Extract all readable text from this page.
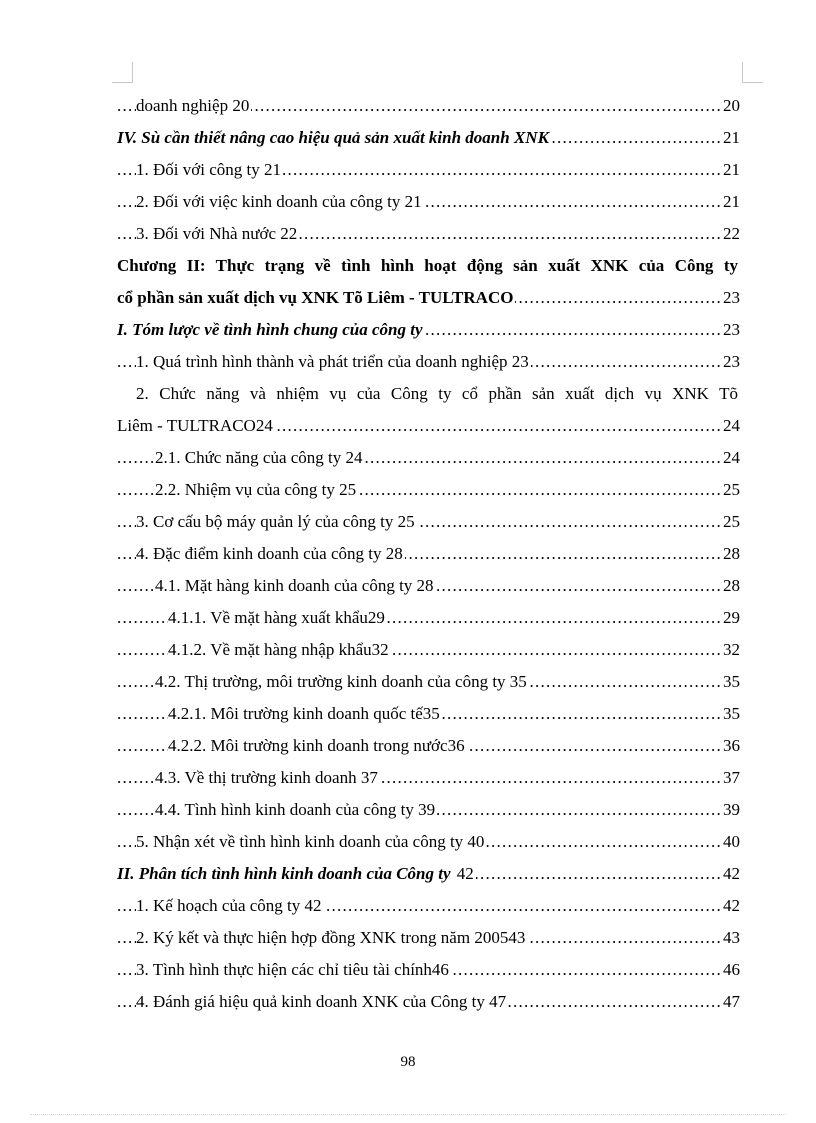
doanh nghiệp 20	20
. . .
IV. Sù cần thiết nâng cao hiệu quả sản xuất kinh doanh XNK	21
. . .
1. Đối với công ty 21	21
. . .
2. Đối với việc kinh doanh của công ty 21	21
. . .
3. Đối với Nhà nước 22	22
. . .
Chương II: Thực trạng về tình hình hoạt động sản xuất XNK của Công ty
cổ phần sản xuất dịch vụ XNK Tõ Liêm - TULTRACO	23
. . .
I. Tóm lược về tình hình chung của công ty	23
. . .
1. Quá trình hình thành và phát triển của doanh nghiệp 23	23
. . .
2. Chức năng và nhiệm vụ của Công ty cổ phần sản xuất dịch vụ XNK Tõ
Liêm - TULTRACO24	24
. . .
2.1. Chức năng của công ty 24	24
. . .
2.2. Nhiệm vụ của công ty 25	25
. . .
3. Cơ cấu bộ máy quản lý của công ty 25	25
. . .
4. Đặc điểm kinh doanh của công ty 28	28
. . .
4.1. Mặt hàng kinh doanh của công ty 28	28
. . .
4.1.1. Về mặt hàng xuất khẩu29	29
. . .
4.1.2. Về mặt hàng nhập khẩu32	32
. . .
4.2. Thị trường, môi trường kinh doanh của công ty 35	35
. . .
4.2.1. Môi trường kinh doanh quốc tế35	35
. . .
4.2.2. Môi trường kinh doanh trong nước36	36
. . .
4.3. Về thị trường kinh doanh 37	37
. . .
4.4. Tình hình kinh doanh của công ty 39	39
. . .
5. Nhận xét về tình hình kinh doanh của công ty 40	40
. . .
II. Phân tích tình hình kinh doanh của Công ty 42	42
. . .
1. Kế hoạch của công ty 42	42
. . .
2. Ký kết và thực hiện hợp đồng XNK trong năm 200543	43
. . .
3. Tình hình thực hiện các chỉ tiêu tài chính46	46
. . .
4. Đánh giá hiệu quả kinh doanh XNK của Công ty 47	47
. . .
98
